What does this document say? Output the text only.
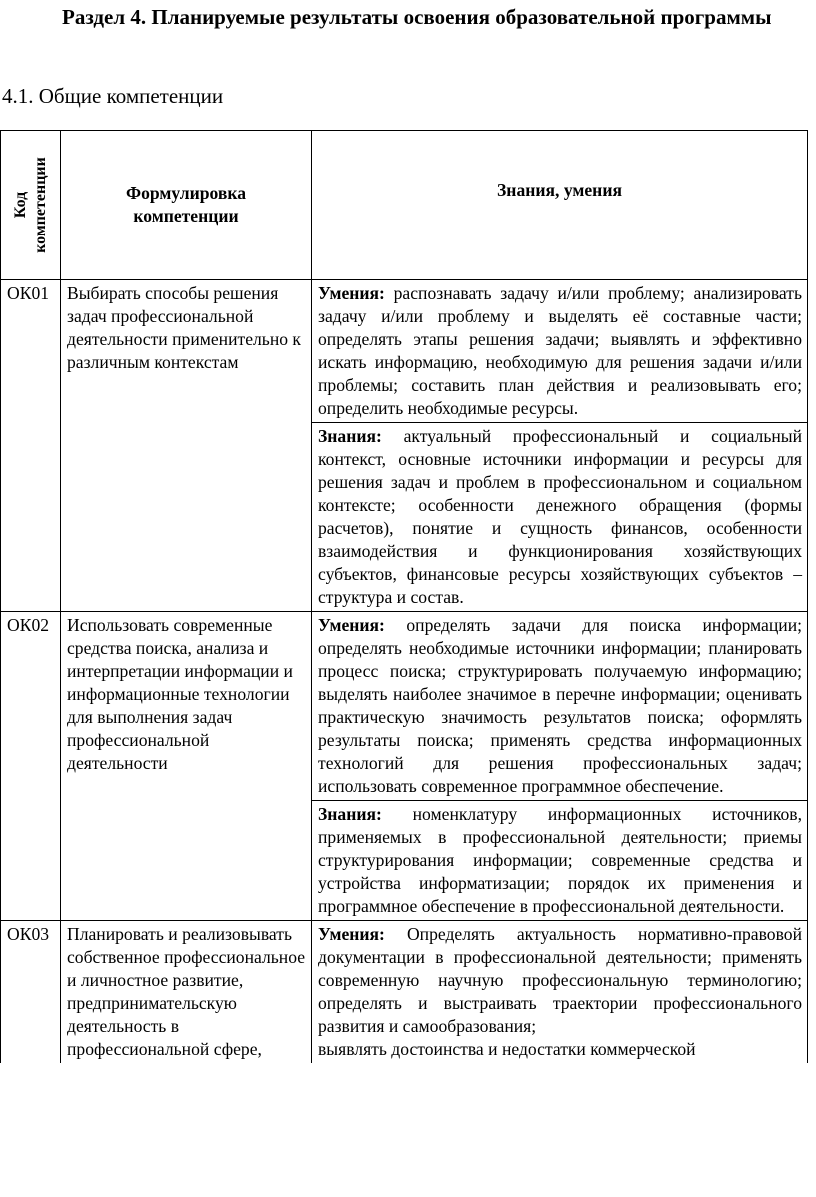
Раздел 4. Планируемые результаты освоения образовательной программы
4.1. Общие компетенции
Код компетенции	Формулировка компетенции	Знания, умения
ОК01	Выбирать способы решения задач профессиональной деятельности применительно к различным контекстам	Умения: распознавать задачу и/или проблему; анализировать задачу и/или проблему и выделять её составные части; определять этапы решения задачи; выявлять и эффективно искать информацию, необходимую для решения задачи и/или проблемы; составить план действия и реализовывать его; определить необходимые ресурсы.
		Знания: актуальный профессиональный и социальный контекст, основные источники информации и ресурсы для решения задач и проблем в профессиональном и социальном контексте; особенности денежного обращения (формы расчетов), понятие и сущность финансов, особенности взаимодействия и функционирования хозяйствующих субъектов, финансовые ресурсы хозяйствующих субъектов – структура и состав.
ОК02	Использовать современные средства поиска, анализа и интерпретации информации и информационные технологии для выполнения задач профессиональной деятельности	Умения: определять задачи для поиска информации; определять необходимые источники информации; планировать процесс поиска; структурировать получаемую информацию; выделять наиболее значимое в перечне информации; оценивать практическую значимость результатов поиска; оформлять результаты поиска; применять средства информационных технологий для решения профессиональных задач; использовать современное программное обеспечение.
		Знания: номенклатуру информационных источников, применяемых в профессиональной деятельности; приемы структурирования информации; современные средства и устройства информатизации; порядок их применения и программное обеспечение в профессиональной деятельности.
ОК03	Планировать и реализовывать собственное профессиональное и личностное развитие, предпринимательскую деятельность в профессиональной сфере,	Умения: Определять актуальность нормативно-правовой документации в профессиональной деятельности; применять современную научную профессиональную терминологию; определять и выстраивать траектории профессионального развития и самообразования;
выявлять достоинства и недостатки коммерческой
